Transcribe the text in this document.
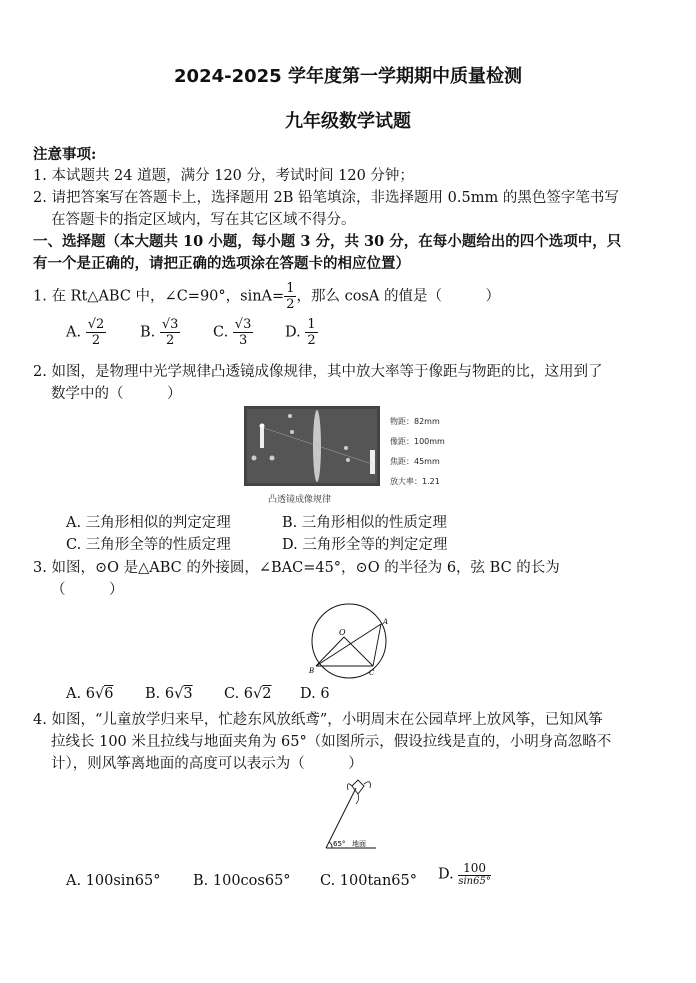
2024-2025 学年度第一学期期中质量检测
九年级数学试题
注意事项:
1. 本试题共 24 道题，满分 120 分，考试时间 120 分钟；
2. 请把答案写在答题卡上，选择题用 2B 铅笔填涂，非选择题用 0.5mm 的黑色签字笔书写
在答题卡的指定区域内，写在其它区域不得分。
一、选择题（本大题共 10 小题，每小题 3 分，共 30 分，在每小题给出的四个选项中，只
有一个是正确的，请把正确的选项涂在答题卡的相应位置）
1. 在 Rt△ABC 中，∠C=90°，$\sin A= \frac{1}{2}$ ，那么 cosA 的值是（　　　）
A. $\frac{√2}{2} B$. $\frac{√3}{2} C$. $\frac{√3}{3} D$. $\frac{1}{2}$
2. 如图，是物理中光学规律凸透镜成像规律，其中放大率等于像距与物距的比，这用到了
数学中的（　　　）
物距：82mm
像距：100mm
焦距：45mm
放大率：1.21
凸透镜成像规律
A. 三角形相似的判定定理	B. 三角形相似的性质定理
C. 三角形全等的性质定理	D. 三角形全等的判定定理
3. 如图，⊙O 是△ABC 的外接圆，∠BAC=45°，⊙O 的半径为 6，弦 BC 的长为
（　　　）
O
A
B	C
A. 6√6 B. 6√3 C. 6√2 D. 6
4. 如图，“儿童放学归来早，忙趁东风放纸鸢”，小明周末在公园草坪上放风筝，已知风筝
拉线长 100 米且拉线与地面夹角为 65°（如图所示，假设拉线是直的，小明身高忽略不
计），则风筝离地面的高度可以表示为（　　　）
65° 地面
A. 100sin65° B. 100cos65° C. 100tan65° D. $\frac{100}{\sin 65^\circ}$
